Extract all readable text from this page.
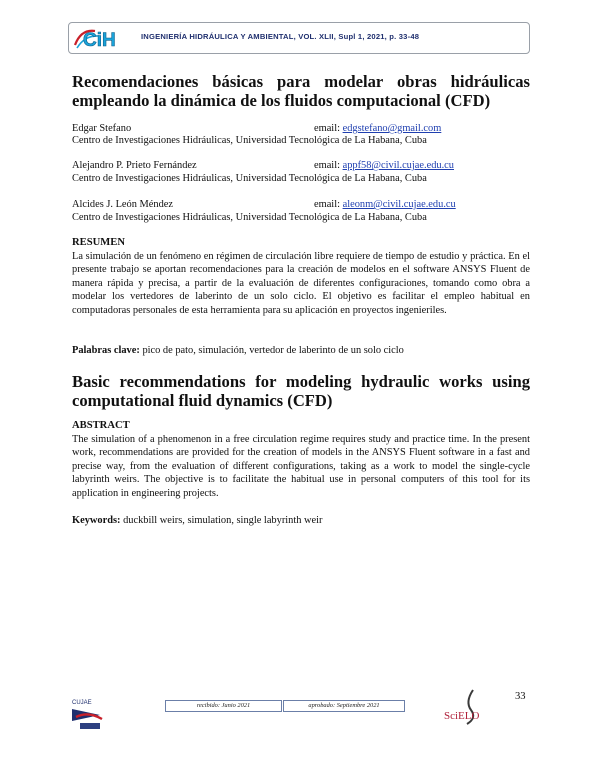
CiH	INGENIERÍA HIDRÁULICA Y AMBIENTAL, VOL. XLII, Supl 1, 2021, p. 33-48
Recomendaciones básicas para modelar obras hidráulicas
empleando la dinámica de los fluidos computacional (CFD)
Edgar Stefano	email: edgstefano@gmail.com
Centro de Investigaciones Hidráulicas, Universidad Tecnológica de La Habana, Cuba
Alejandro P. Prieto Fernández	email: appf58@civil.cujae.edu.cu
Centro de Investigaciones Hidráulicas, Universidad Tecnológica de La Habana, Cuba
Alcides J. León Méndez	email: aleonm@civil.cujae.edu.cu
Centro de Investigaciones Hidráulicas, Universidad Tecnológica de La Habana, Cuba
RESUMEN
La simulación de un fenómeno en régimen de circulación libre requiere de tiempo de estudio y práctica. En el presente trabajo se aportan recomendaciones para la creación de modelos en el software ANSYS Fluent de manera rápida y precisa, a partir de la evaluación de diferentes configuraciones, tomando como obra a modelar los vertedores de laberinto de un solo ciclo. El objetivo es facilitar el empleo habitual en computadoras personales de esta herramienta para su aplicación en proyectos ingenieriles.
Palabras clave: pico de pato, simulación, vertedor de laberinto de un solo ciclo
Basic recommendations for modeling hydraulic works using
computational fluid dynamics (CFD)
ABSTRACT
The simulation of a phenomenon in a free circulation regime requires study and practice time. In the present work, recommendations are provided for the creation of models in the ANSYS Fluent software in a fast and precise way, from the evaluation of different configurations, taking as a work to model the single-cycle labyrinth weirs. The objective is to facilitate the habitual use in personal computers of this tool for its application in engineering projects.
Keywords: duckbill weirs, simulation, single labyrinth weir
33
recibido: Junio 2021	aprobado: Septiembre 2021
CUJAE
SciELO
